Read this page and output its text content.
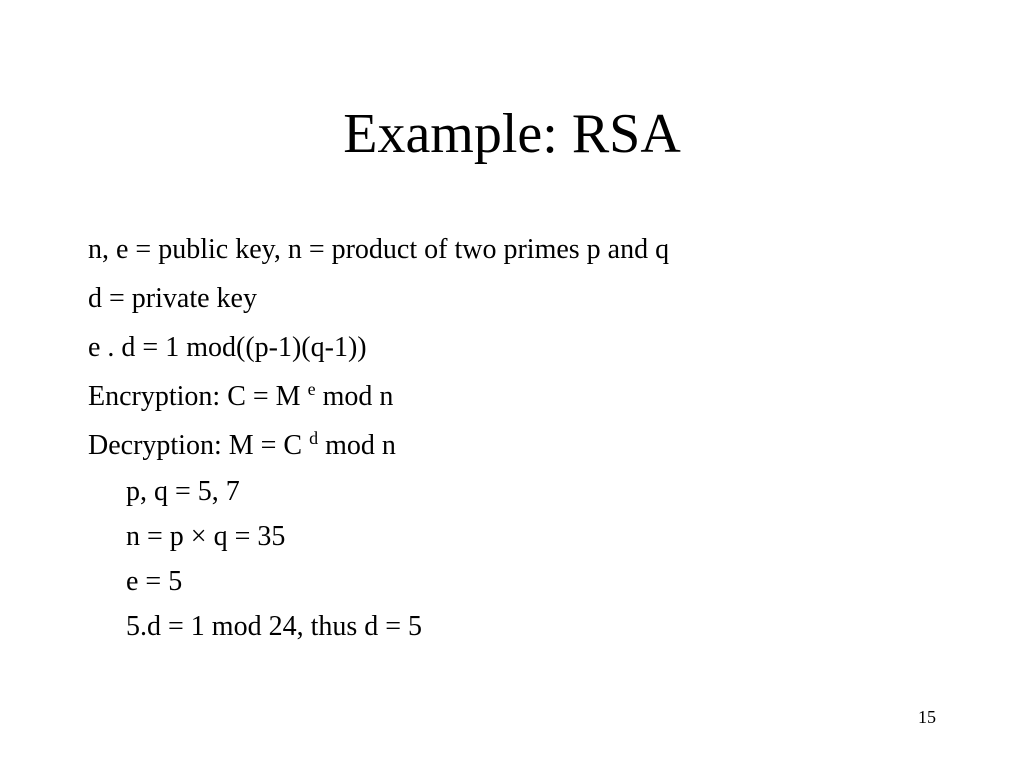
Example: RSA
n, e = public key, n = product of two primes p and q
d = private key
e . d = 1 mod((p-1)(q-1))
Encryption: C = M $^e$ mod n
Decryption: M = C $^d$ mod n
p, q = 5, 7
n = p × q = 35
e = 5
5.d = 1 mod 24, thus d = 5
15
